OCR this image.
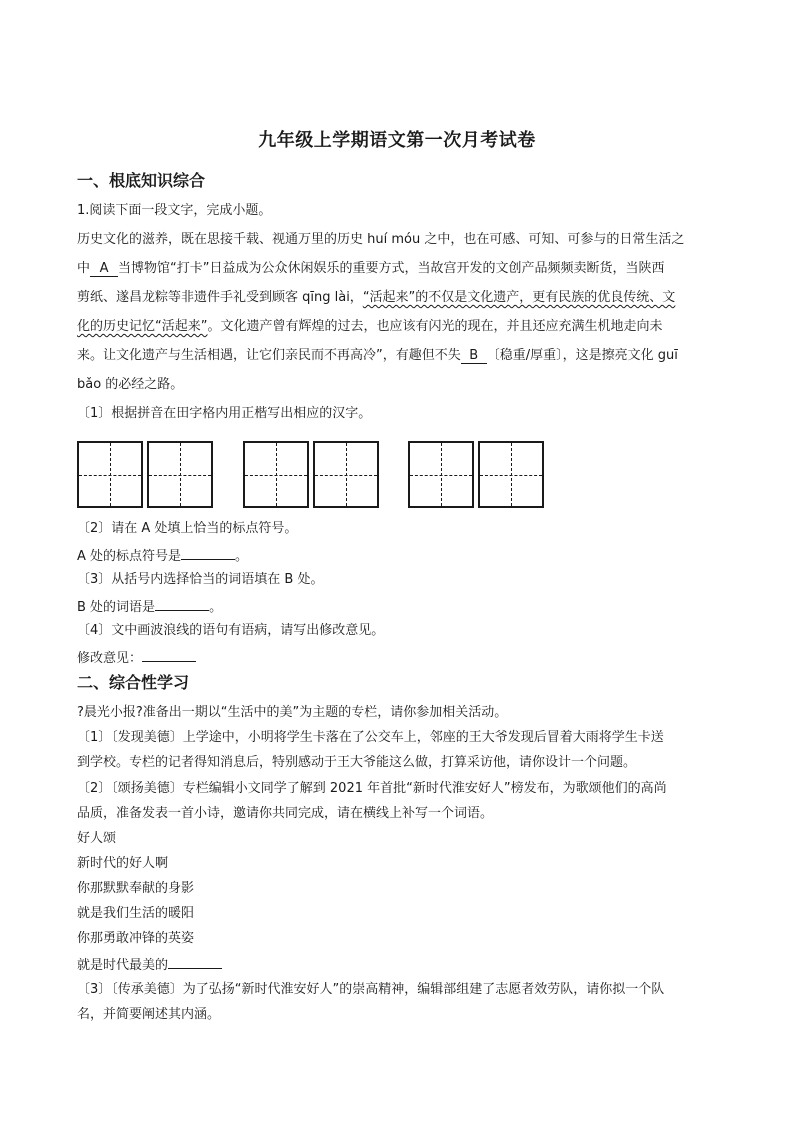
九年级上学期语文第一次月考试卷
一、根底知识综合
1.阅读下面一段文字，完成小题。
历史文化的滋养，既在思接千载、视通万里的历史 huí móu 之中，也在可感、可知、可参与的日常生活之
中 A 当博物馆“打卡”日益成为公众休闲娱乐的重要方式，当故宫开发的文创产品频频卖断货，当陕西
剪纸、遂昌龙粽等非遗件手礼受到顾客 qīng lài，“活起来”的不仅是文化遗产，更有民族的优良传统、文
化的历史记忆“活起来”。文化遗产曾有辉煌的过去，也应该有闪光的现在，并且还应充满生机地走向未
来。让文化遗产与生活相遇，让它们亲民而不再高冷”，有趣但不失 B 〔稳重/厚重〕，这是擦亮文化 guī
bǎo 的必经之路。
〔1〕根据拼音在田字格内用正楷写出相应的汉字。
〔2〕请在 A 处填上恰当的标点符号。
A 处的标点符号是	。
〔3〕从括号内选择恰当的词语填在 B 处。
B 处的词语是	。
〔4〕文中画波浪线的语句有语病，请写出修改意见。
修改意见：
二、综合性学习
?晨光小报?准备出一期以“生活中的美”为主题的专栏，请你参加相关活动。
〔1〕〔发现美德〕上学途中，小明将学生卡落在了公交车上，邻座的王大爷发现后冒着大雨将学生卡送
到学校。专栏的记者得知消息后，特别感动于王大爷能这么做，打算采访他，请你设计一个问题。
〔2〕〔颂扬美德〕专栏编辑小文同学了解到 2021 年首批“新时代淮安好人”榜发布，为歌颂他们的高尚
品质，准备发表一首小诗，邀请你共同完成，请在横线上补写一个词语。
好人颂
新时代的好人啊
你那默默奉献的身影
就是我们生活的暖阳
你那勇敢冲锋的英姿
就是时代最美的
〔3〕〔传承美德〕为了弘扬“新时代淮安好人”的崇高精神，编辑部组建了志愿者效劳队，请你拟一个队
名，并简要阐述其内涵。
